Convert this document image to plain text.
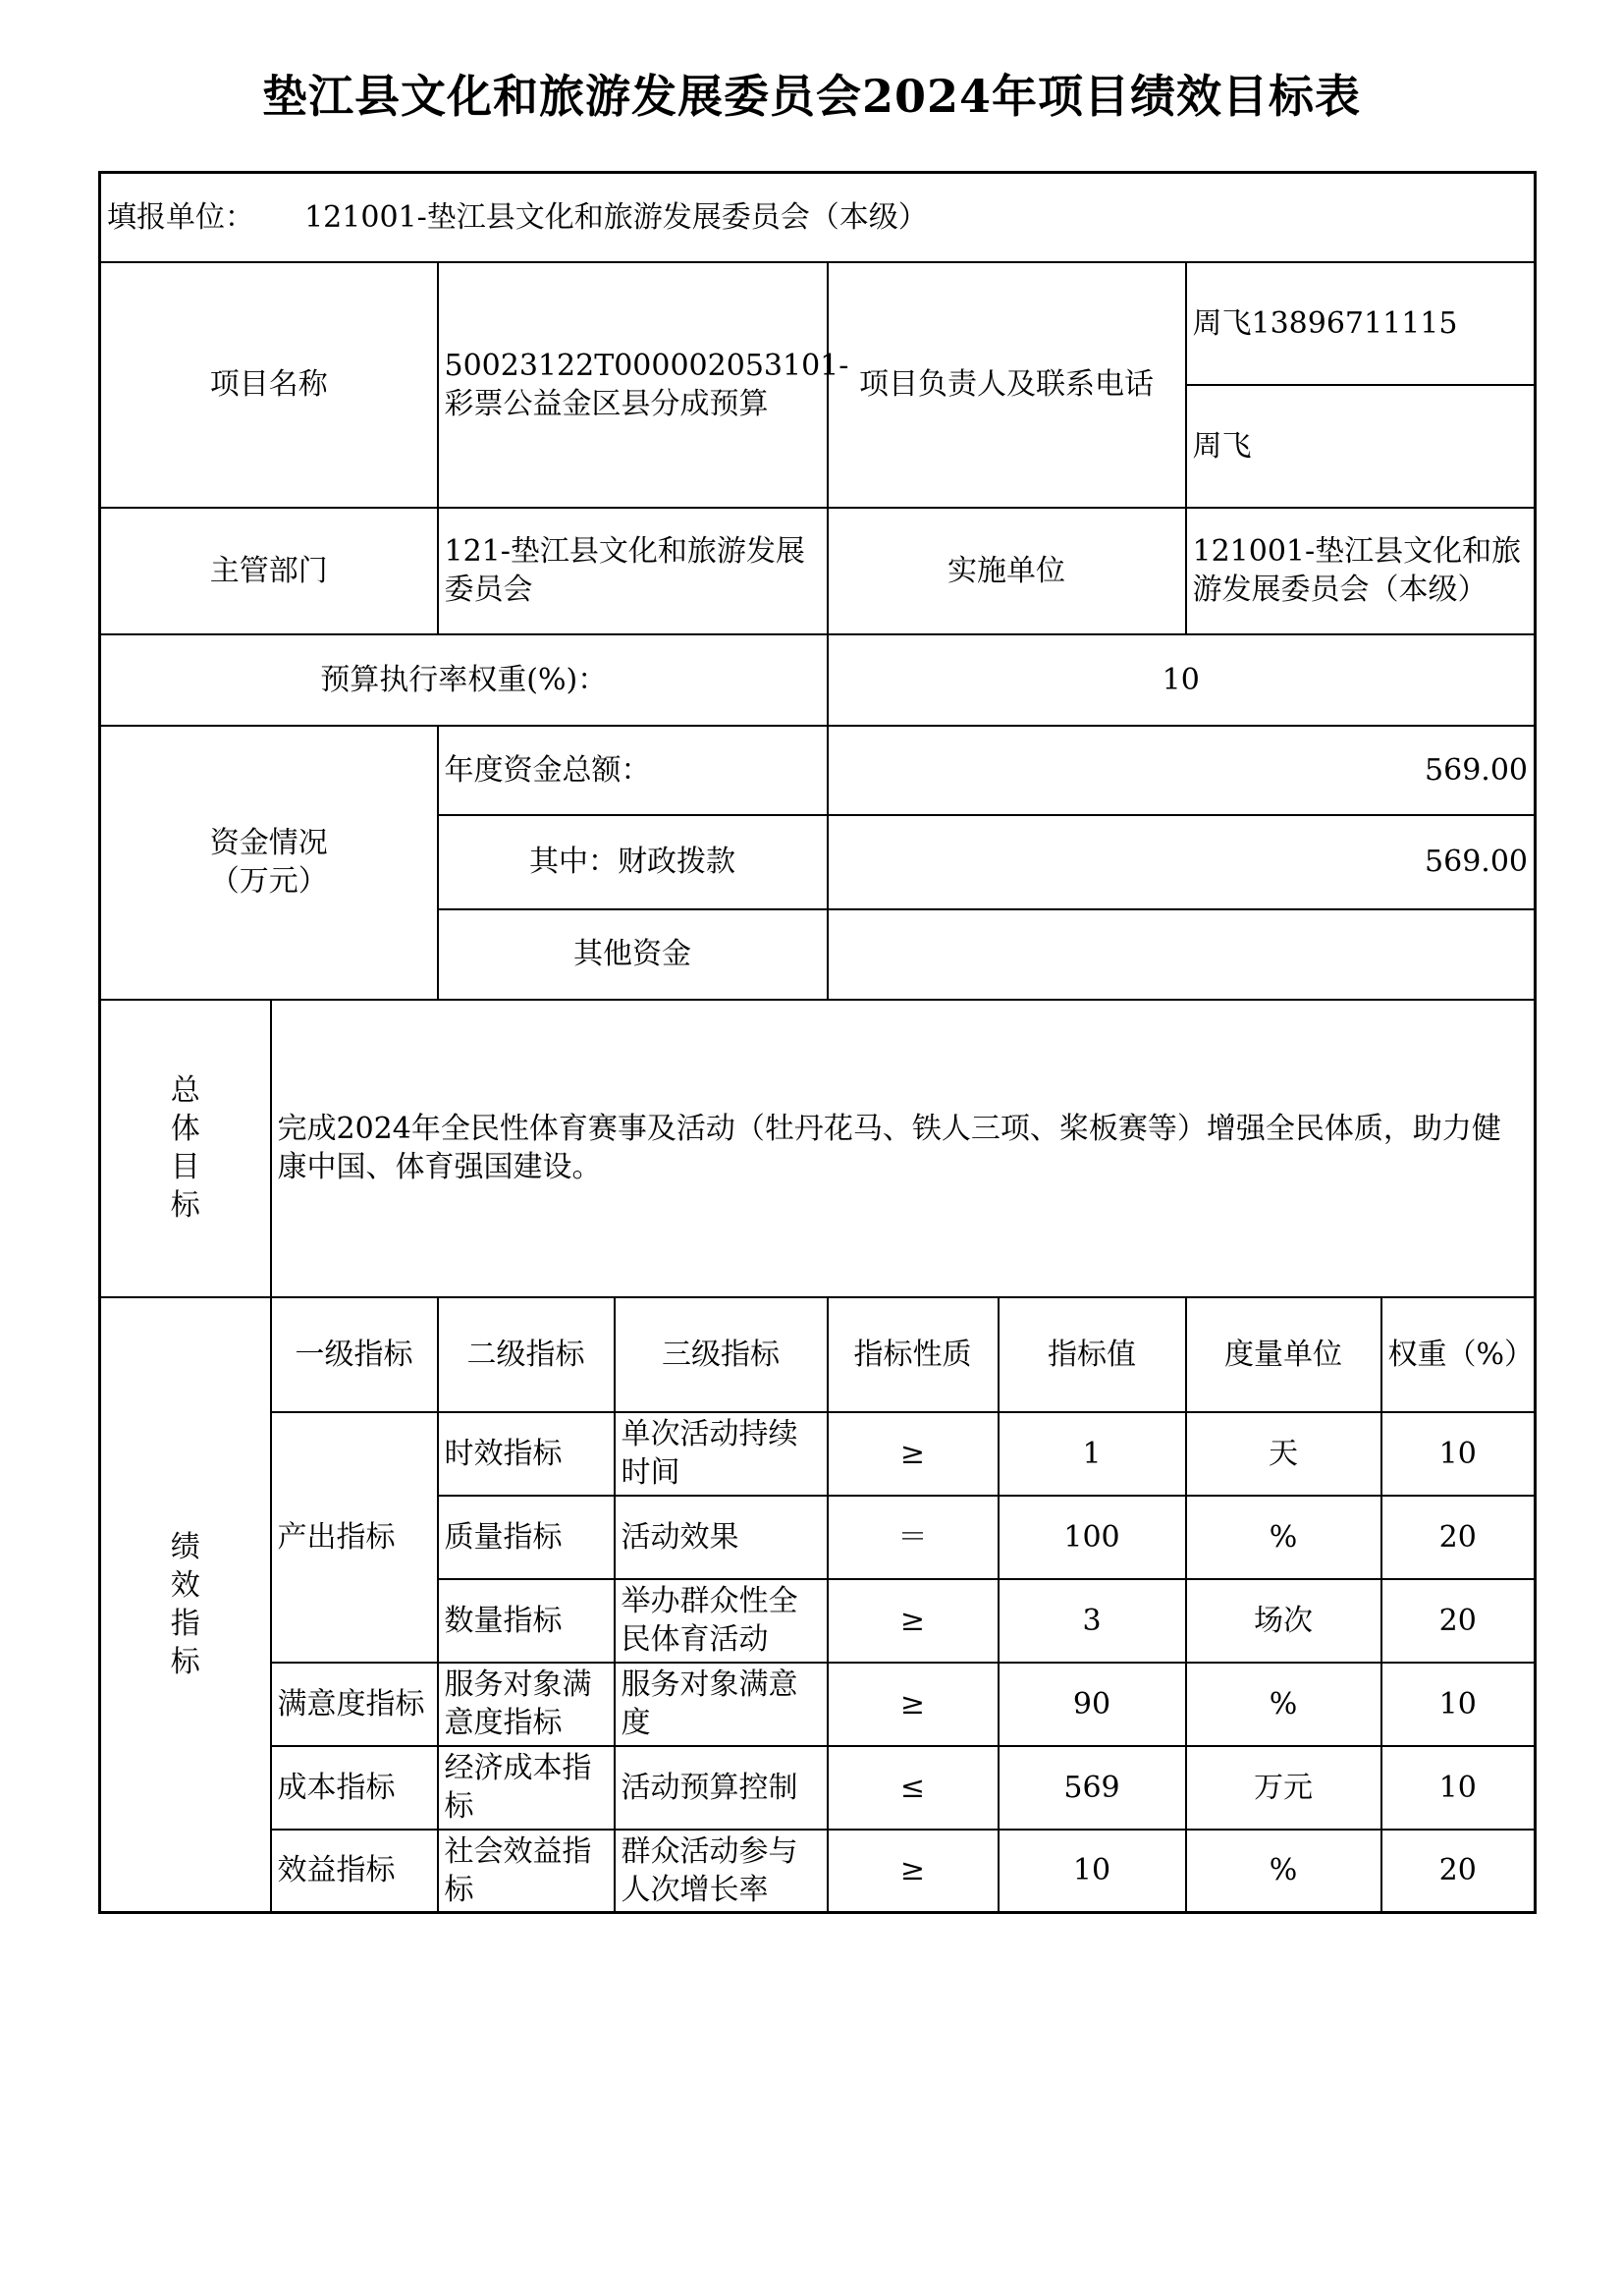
垫江县文化和旅游发展委员会2024年项目绩效目标表
填报单位： 121001-垫江县文化和旅游发展委员会（本级）							
项目名称		50023122T000002053101-彩票公益金区县分成预算		项目负责人及联系电话		周飞13896711115	
						周飞	
主管部门		121-垫江县文化和旅游发展委员会		实施单位		121001-垫江县文化和旅游发展委员会（本级）	
预算执行率权重(%)：				10			

资金情况
（万元）		年度资金总额：		569.00			
		其中：财政拨款		569.00			
		其他资金					

总
体
目
标	完成2024年全民性体育赛事及活动（牡丹花马、铁人三项、桨板赛等）增强全民体质，助力健康中国、体育强国建设。						

绩
效
指
标	一级指标	二级指标	三级指标	指标性质	指标值	度量单位	权重（%）
	产出指标	时效指标	单次活动持续时间	≥	1	天	10
		质量指标	活动效果	＝	100	%	20
		数量指标	举办群众性全民体育活动	≥	3	场次	20
	满意度指标	服务对象满意度指标	服务对象满意度	≥	90	%	10
	成本指标	经济成本指标	活动预算控制	≤	569	万元	10
	效益指标	社会效益指标	群众活动参与人次增长率	≥	10	%	20
